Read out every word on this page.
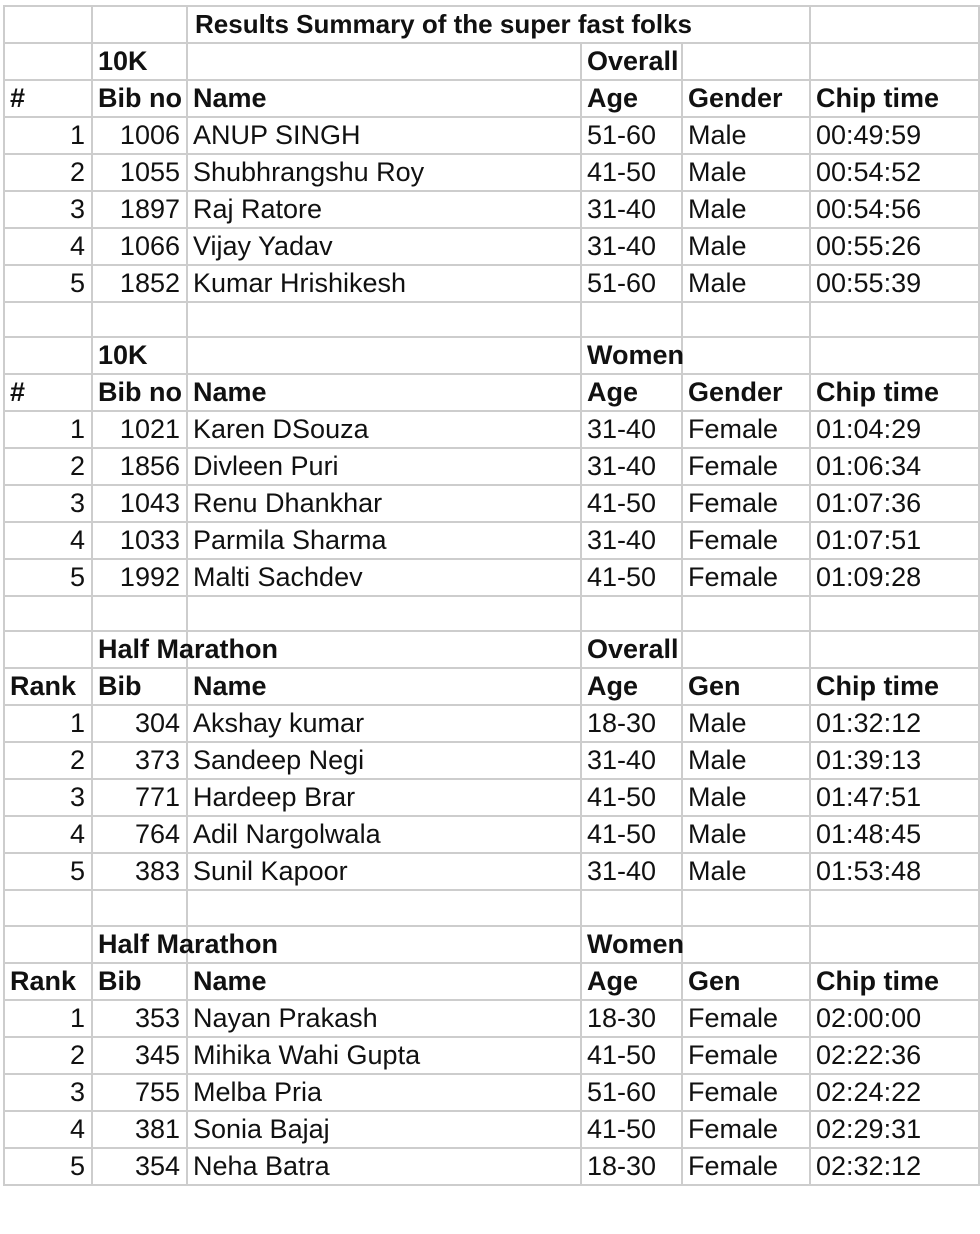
		Results Summary of the super fast folks			
	10K		Overall		
#	Bib no	Name	Age	Gender	Chip time
1	1006	ANUP SINGH	51-60	Male	00:49:59
2	1055	Shubhrangshu Roy	41-50	Male	00:54:52
3	1897	Raj Ratore	31-40	Male	00:54:56
4	1066	Vijay Yadav	31-40	Male	00:55:26
5	1852	Kumar Hrishikesh	51-60	Male	00:55:39

	10K		Women		
#	Bib no	Name	Age	Gender	Chip time
1	1021	Karen DSouza	31-40	Female	01:04:29
2	1856	Divleen Puri	31-40	Female	01:06:34
3	1043	Renu Dhankhar	41-50	Female	01:07:36
4	1033	Parmila Sharma	31-40	Female	01:07:51
5	1992	Malti Sachdev	41-50	Female	01:09:28

	Half Marathon		Overall		
Rank	Bib	Name	Age	Gen	Chip time
1	304	Akshay kumar	18-30	Male	01:32:12
2	373	Sandeep Negi	31-40	Male	01:39:13
3	771	Hardeep Brar	41-50	Male	01:47:51
4	764	Adil Nargolwala	41-50	Male	01:48:45
5	383	Sunil Kapoor	31-40	Male	01:53:48

	Half Marathon		Women		
Rank	Bib	Name	Age	Gen	Chip time
1	353	Nayan Prakash	18-30	Female	02:00:00
2	345	Mihika Wahi Gupta	41-50	Female	02:22:36
3	755	Melba Pria	51-60	Female	02:24:22
4	381	Sonia Bajaj	41-50	Female	02:29:31
5	354	Neha Batra	18-30	Female	02:32:12
